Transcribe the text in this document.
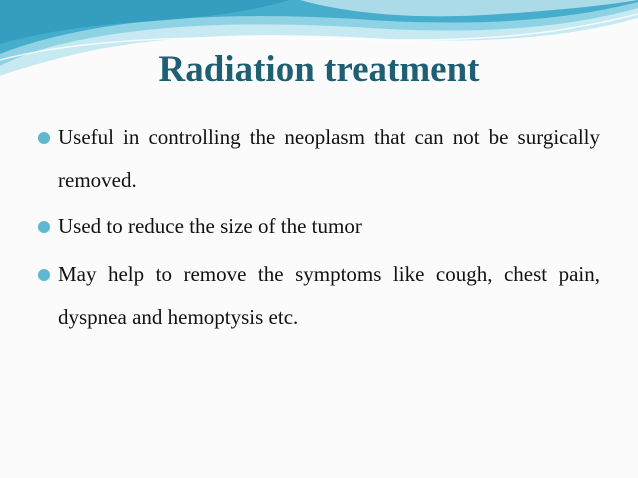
Radiation treatment

Useful in controlling the neoplasm that can not be surgically removed.

Used to reduce the size of the tumor

May help to remove the symptoms like cough, chest pain, dyspnea and hemoptysis etc.
